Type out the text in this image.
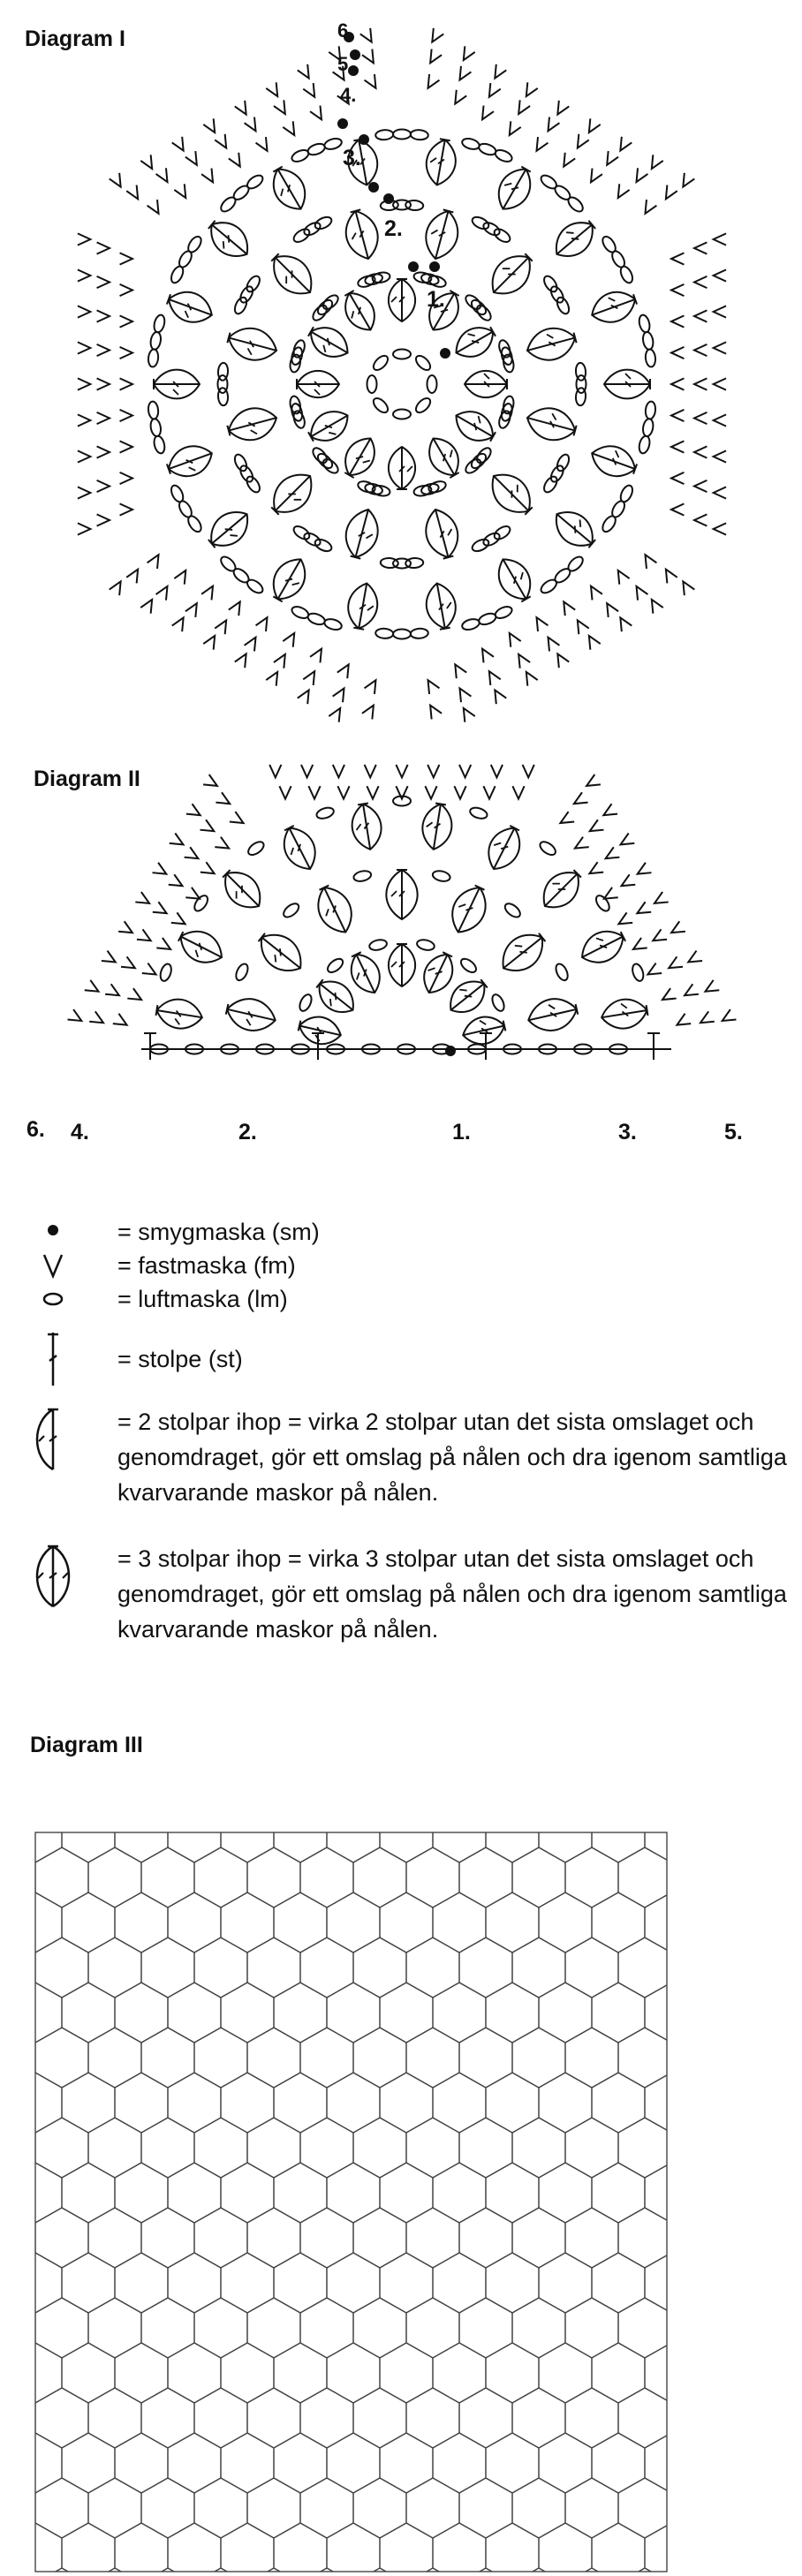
Diagram I	6
5
4.
3.
2.
1.
Diagram II
6. 4.	2.	1.	3.	5.
= smygmaska (sm)
= fastmaska (fm)
= luftmaska (lm)
= stolpe (st)
= 2 stolpar ihop = virka 2 stolpar utan det sista omslaget och genomdraget, gör ett omslag på nålen och dra igenom samtliga kvarvarande maskor på nålen.
= 3 stolpar ihop = virka 3 stolpar utan det sista omslaget och genomdraget, gör ett omslag på nålen och dra igenom samtliga kvarvarande maskor på nålen.
Diagram III
